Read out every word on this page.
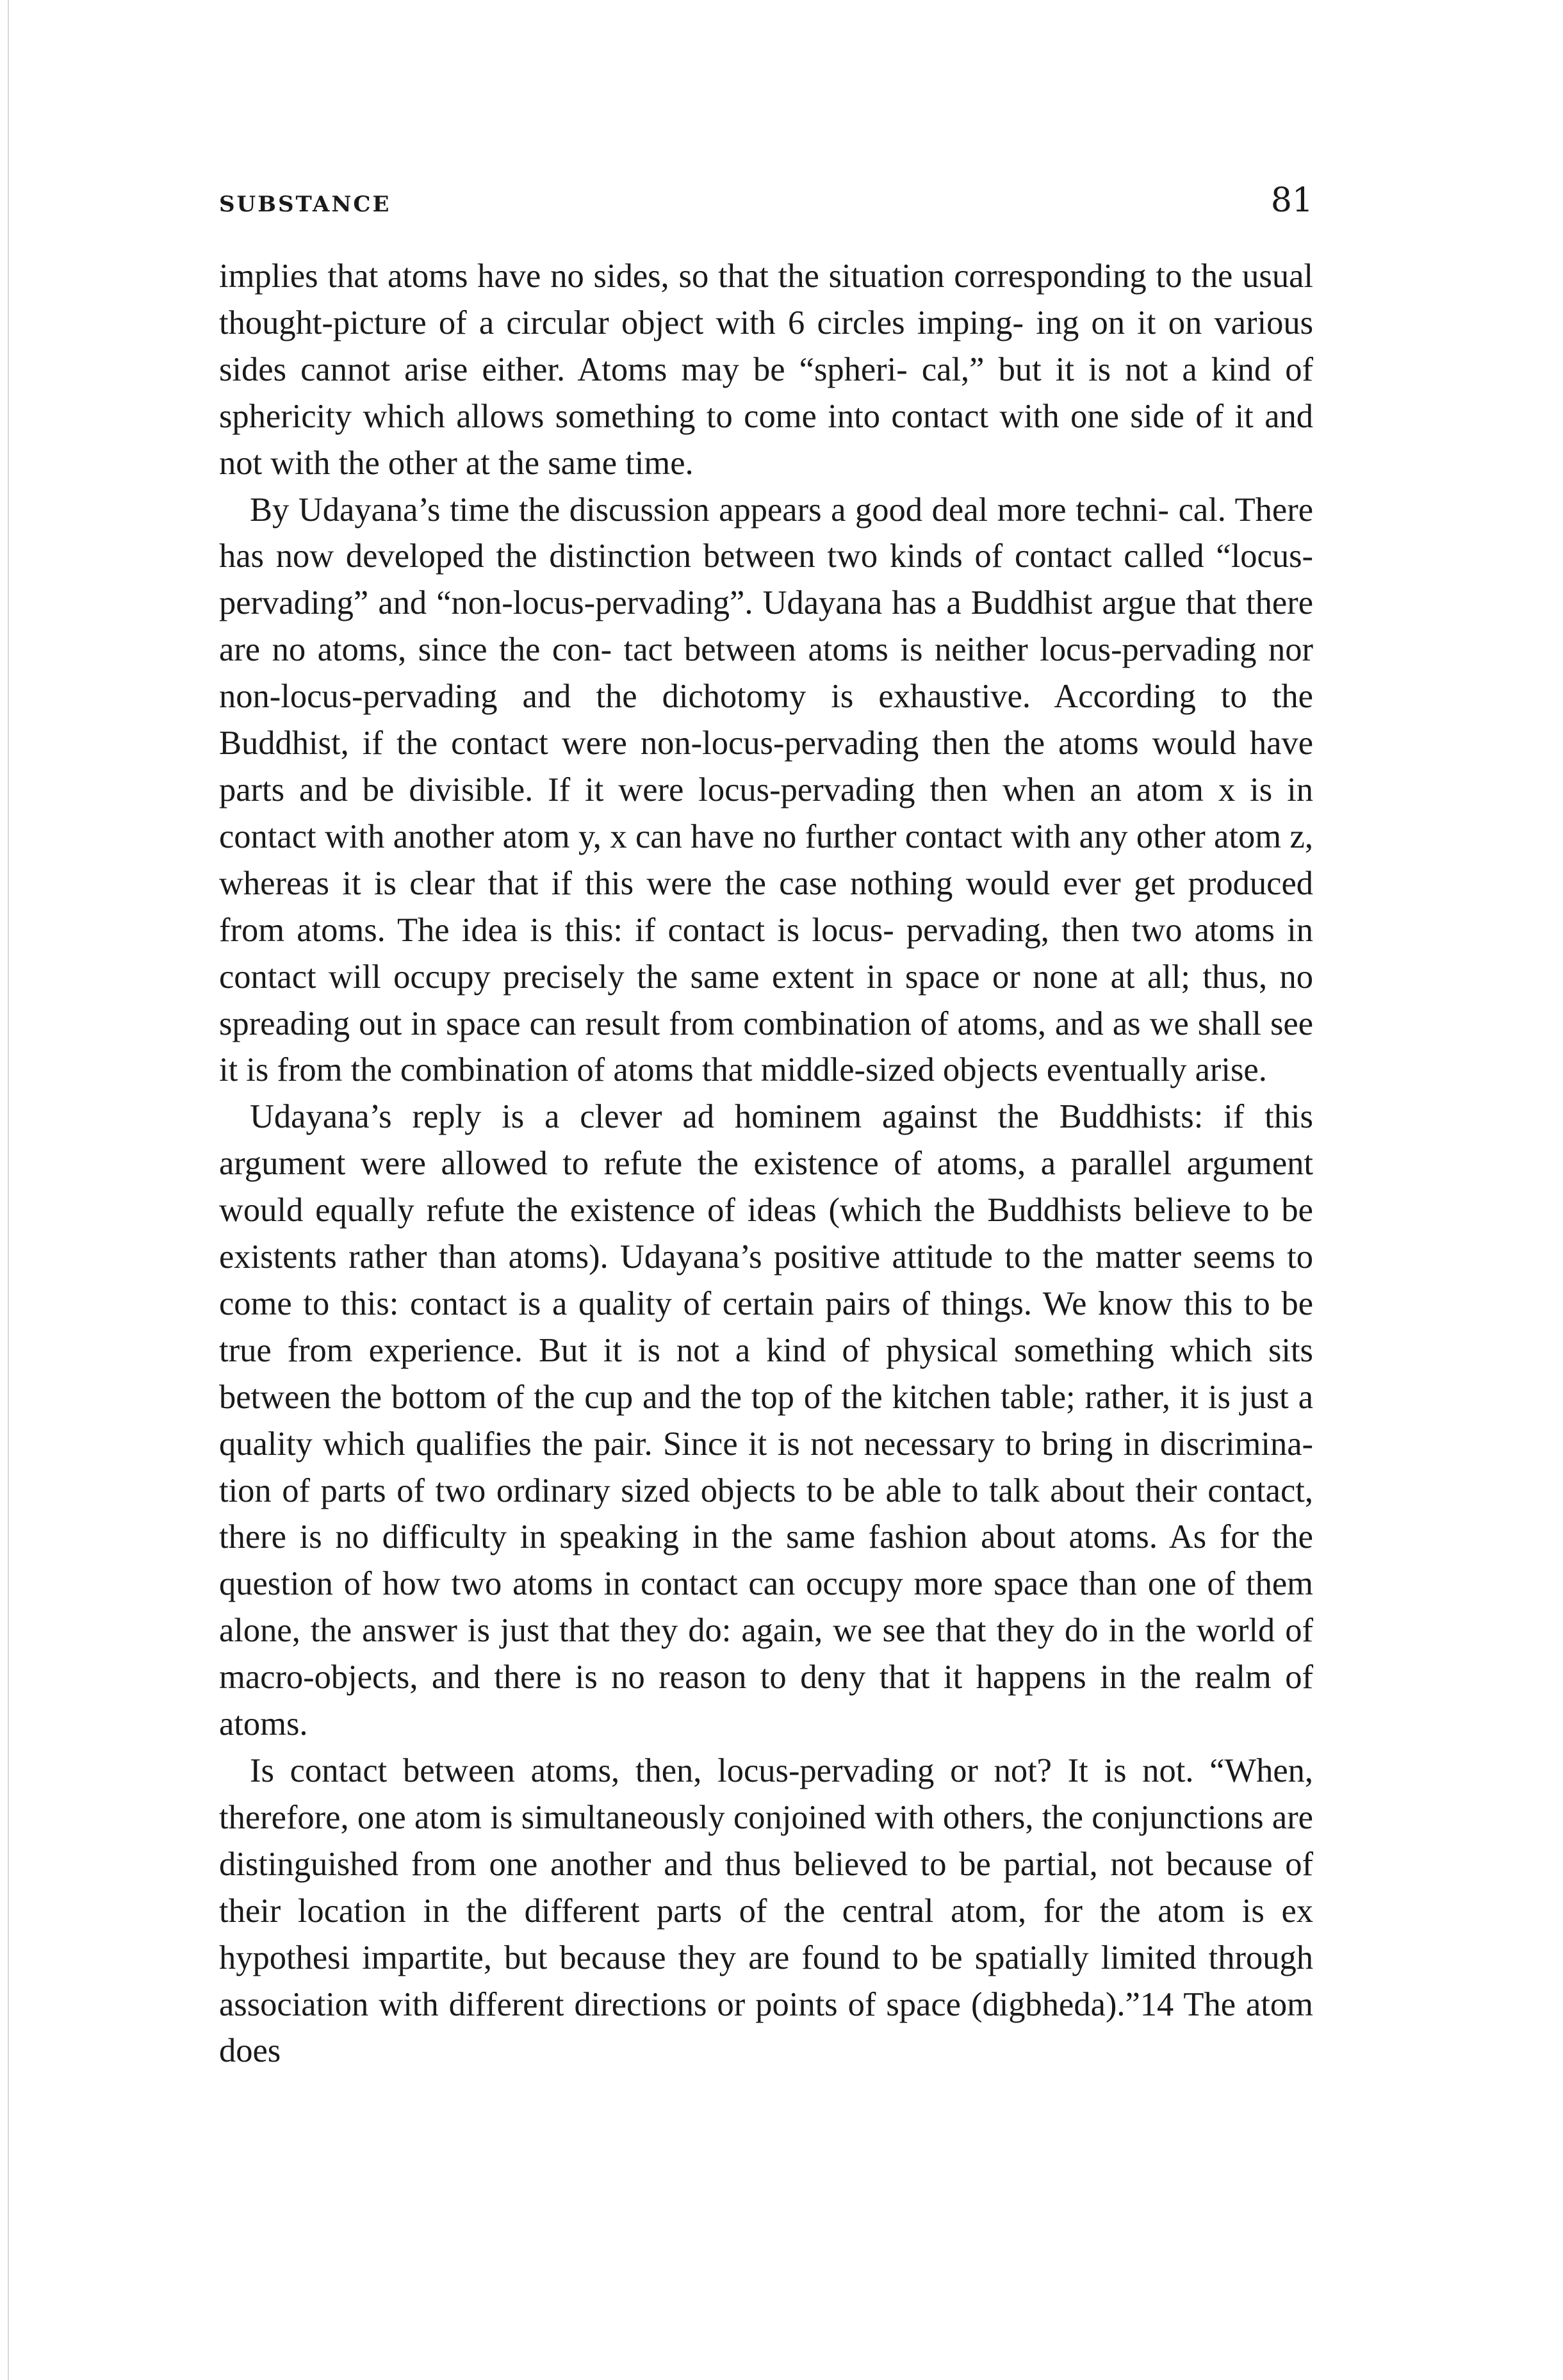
SUBSTANCE	81

implies that atoms have no sides, so that the situation corresponding to the usual thought-picture of a circular object with 6 circles imping- ing on it on various sides cannot arise either. Atoms may be “spheri- cal,” but it is not a kind of sphericity which allows something to come into contact with one side of it and not with the other at the same time.

By Udayana’s time the discussion appears a good deal more techni- cal. There has now developed the distinction between two kinds of contact called “locus-pervading” and “non-locus-pervading”. Udayana has a Buddhist argue that there are no atoms, since the con- tact between atoms is neither locus-pervading nor non-locus-pervading and the dichotomy is exhaustive. According to the Buddhist, if the contact were non-locus-pervading then the atoms would have parts and be divisible. If it were locus-pervading then when an atom x is in contact with another atom y, x can have no further contact with any other atom z, whereas it is clear that if this were the case nothing would ever get produced from atoms. The idea is this: if contact is locus- pervading, then two atoms in contact will occupy precisely the same extent in space or none at all; thus, no spreading out in space can result from combination of atoms, and as we shall see it is from the combination of atoms that middle-sized objects eventually arise.

Udayana’s reply is a clever ad hominem against the Buddhists: if this argument were allowed to refute the existence of atoms, a parallel argument would equally refute the existence of ideas (which the Buddhists believe to be existents rather than atoms). Udayana’s positive attitude to the matter seems to come to this: contact is a quality of certain pairs of things. We know this to be true from experience. But it is not a kind of physical something which sits between the bottom of the cup and the top of the kitchen table; rather, it is just a quality which qualifies the pair. Since it is not necessary to bring in discrimina- tion of parts of two ordinary sized objects to be able to talk about their contact, there is no difficulty in speaking in the same fashion about atoms. As for the question of how two atoms in contact can occupy more space than one of them alone, the answer is just that they do: again, we see that they do in the world of macro-objects, and there is no reason to deny that it happens in the realm of atoms.

Is contact between atoms, then, locus-pervading or not? It is not. “When, therefore, one atom is simultaneously conjoined with others, the conjunctions are distinguished from one another and thus believed to be partial, not because of their location in the different parts of the central atom, for the atom is ex hypothesi impartite, but because they are found to be spatially limited through association with different directions or points of space (digbheda).”14 The atom does
